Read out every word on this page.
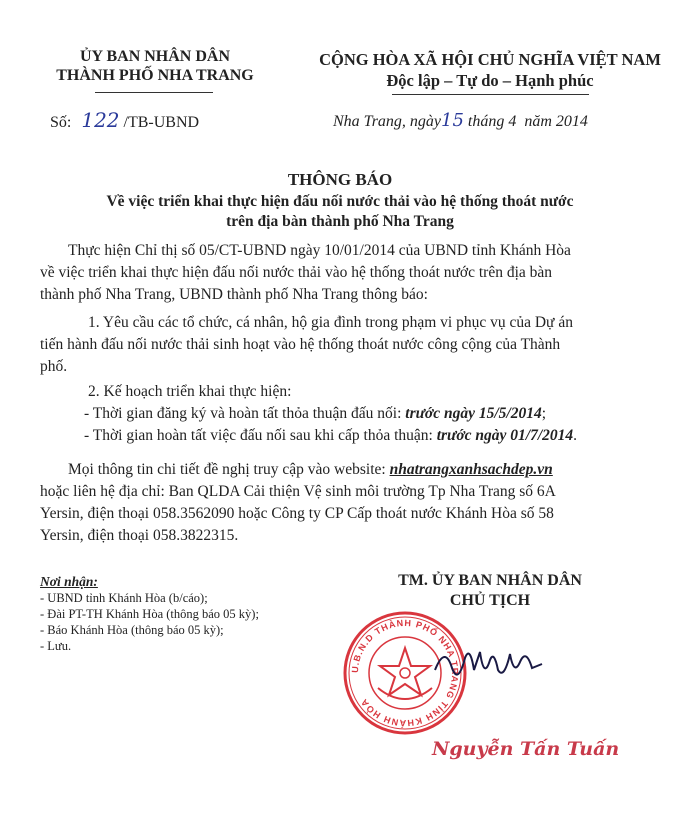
ỦY BAN NHÂN DÂN
THÀNH PHỐ NHA TRANG
CỘNG HÒA XÃ HỘI CHỦ NGHĨA VIỆT NAM
Độc lập – Tự do – Hạnh phúc
Số: 122 /TB-UBND	Nha Trang, ngày15 tháng 4 năm 2014
THÔNG BÁO
Về việc triển khai thực hiện đấu nối nước thải vào hệ thống thoát nước
trên địa bàn thành phố Nha Trang
Thực hiện Chỉ thị số 05/CT-UBND ngày 10/01/2014 của UBND tỉnh Khánh Hòa
về việc triển khai thực hiện đấu nối nước thải vào hệ thống thoát nước trên địa bàn
thành phố Nha Trang, UBND thành phố Nha Trang thông báo:
1. Yêu cầu các tổ chức, cá nhân, hộ gia đình trong phạm vi phục vụ của Dự án
tiến hành đấu nối nước thải sinh hoạt vào hệ thống thoát nước công cộng của Thành
phố.
2. Kế hoạch triển khai thực hiện:
- Thời gian đăng ký và hoàn tất thỏa thuận đấu nối: trước ngày 15/5/2014;
- Thời gian hoàn tất việc đấu nối sau khi cấp thỏa thuận: trước ngày 01/7/2014.
Mọi thông tin chi tiết đề nghị truy cập vào website: nhatrangxanhsachdep.vn
hoặc liên hệ địa chỉ: Ban QLDA Cải thiện Vệ sinh môi trường Tp Nha Trang số 6A
Yersin, điện thoại 058.3562090 hoặc Công ty CP Cấp thoát nước Khánh Hòa số 58
Yersin, điện thoại 058.3822315.
Nơi nhận:
- UBND tỉnh Khánh Hòa (b/cáo);
- Đài PT-TH Khánh Hòa (thông báo 05 kỳ);
- Báo Khánh Hòa (thông báo 05 kỳ);
- Lưu.
TM. ỦY BAN NHÂN DÂN
CHỦ TỊCH
U.B.N.D THÀNH PHỐ NHA TRANG TỈNH KHÁNH HÒA
Nguyễn Tấn Tuấn
